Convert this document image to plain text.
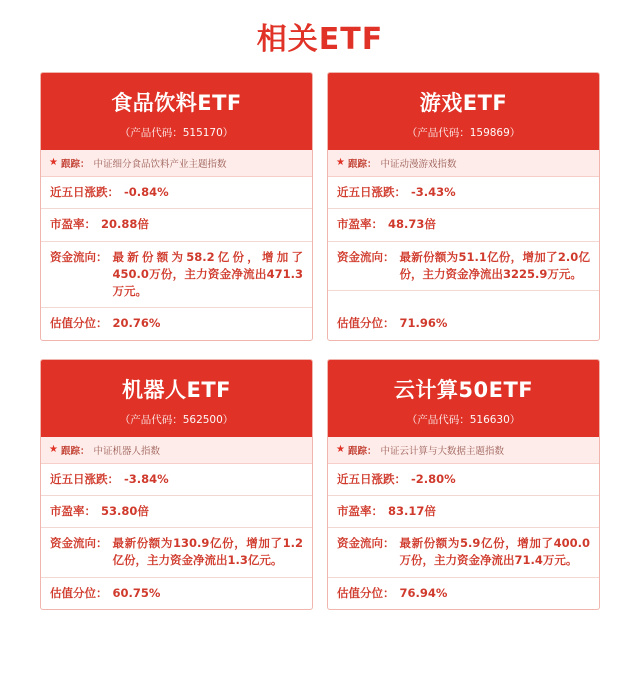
相关ETF
食品饮料ETF
（产品代码：515170）
★ 跟踪： 中证细分食品饮料产业主题指数
近五日涨跌： -0.84%
市盈率： 20.88倍
资金流向： 最新份额为58.2亿份，增加了450.0万份，主力资金净流出471.3万元。
估值分位： 20.76%
游戏ETF
（产品代码：159869）
★ 跟踪： 中证动漫游戏指数
近五日涨跌： -3.43%
市盈率： 48.73倍
资金流向： 最新份额为51.1亿份，增加了2.0亿份，主力资金净流出3225.9万元。
估值分位： 71.96%
机器人ETF
（产品代码：562500）
★ 跟踪： 中证机器人指数
近五日涨跌： -3.84%
市盈率： 53.80倍
资金流向： 最新份额为130.9亿份，增加了1.2亿份，主力资金净流出1.3亿元。
估值分位： 60.75%
云计算50ETF
（产品代码：516630）
★ 跟踪： 中证云计算与大数据主题指数
近五日涨跌： -2.80%
市盈率： 83.17倍
资金流向： 最新份额为5.9亿份，增加了400.0万份，主力资金净流出71.4万元。
估值分位： 76.94%
